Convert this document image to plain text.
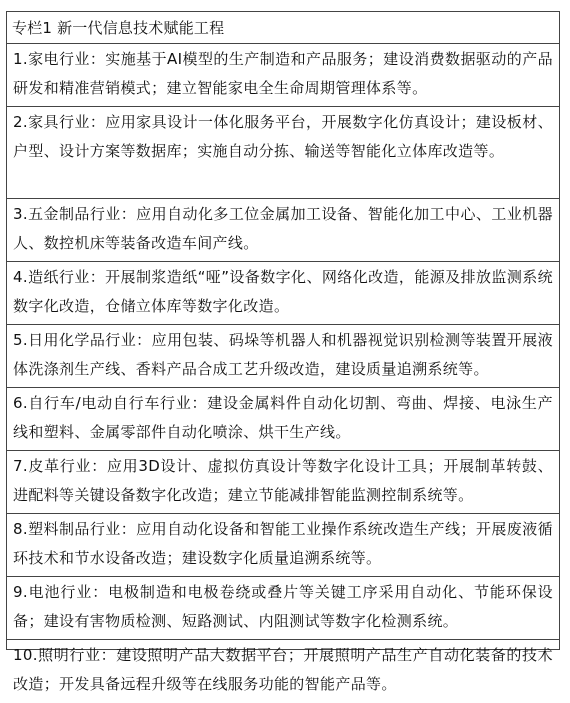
专栏1 新一代信息技术赋能工程
1.家电行业：实施基于AI模型的生产制造和产品服务；建设消费数据驱动的产品研发和精准营销模式；建立智能家电全生命周期管理体系等。
2.家具行业：应用家具设计一体化服务平台，开展数字化仿真设计；建设板材、户型、设计方案等数据库；实施自动分拣、输送等智能化立体库改造等。
3.五金制品行业：应用自动化多工位金属加工设备、智能化加工中心、工业机器人、数控机床等装备改造车间产线。
4.造纸行业：开展制浆造纸“哑”设备数字化、网络化改造，能源及排放监测系统数字化改造，仓储立体库等数字化改造。
5.日用化学品行业：应用包装、码垛等机器人和机器视觉识别检测等装置开展液体洗涤剂生产线、香料产品合成工艺升级改造，建设质量追溯系统等。
6.自行车/电动自行车行业：建设金属料件自动化切割、弯曲、焊接、电泳生产线和塑料、金属零部件自动化喷涂、烘干生产线。
7.皮革行业：应用3D设计、虚拟仿真设计等数字化设计工具；开展制革转鼓、进配料等关键设备数字化改造；建立节能减排智能监测控制系统等。
8.塑料制品行业：应用自动化设备和智能工业操作系统改造生产线；开展废液循环技术和节水设备改造；建设数字化质量追溯系统等。
9.电池行业：电极制造和电极卷绕或叠片等关键工序采用自动化、节能环保设备；建设有害物质检测、短路测试、内阻测试等数字化检测系统。
10.照明行业：建设照明产品大数据平台；开展照明产品生产自动化装备的技术改造；开发具备远程升级等在线服务功能的智能产品等。
